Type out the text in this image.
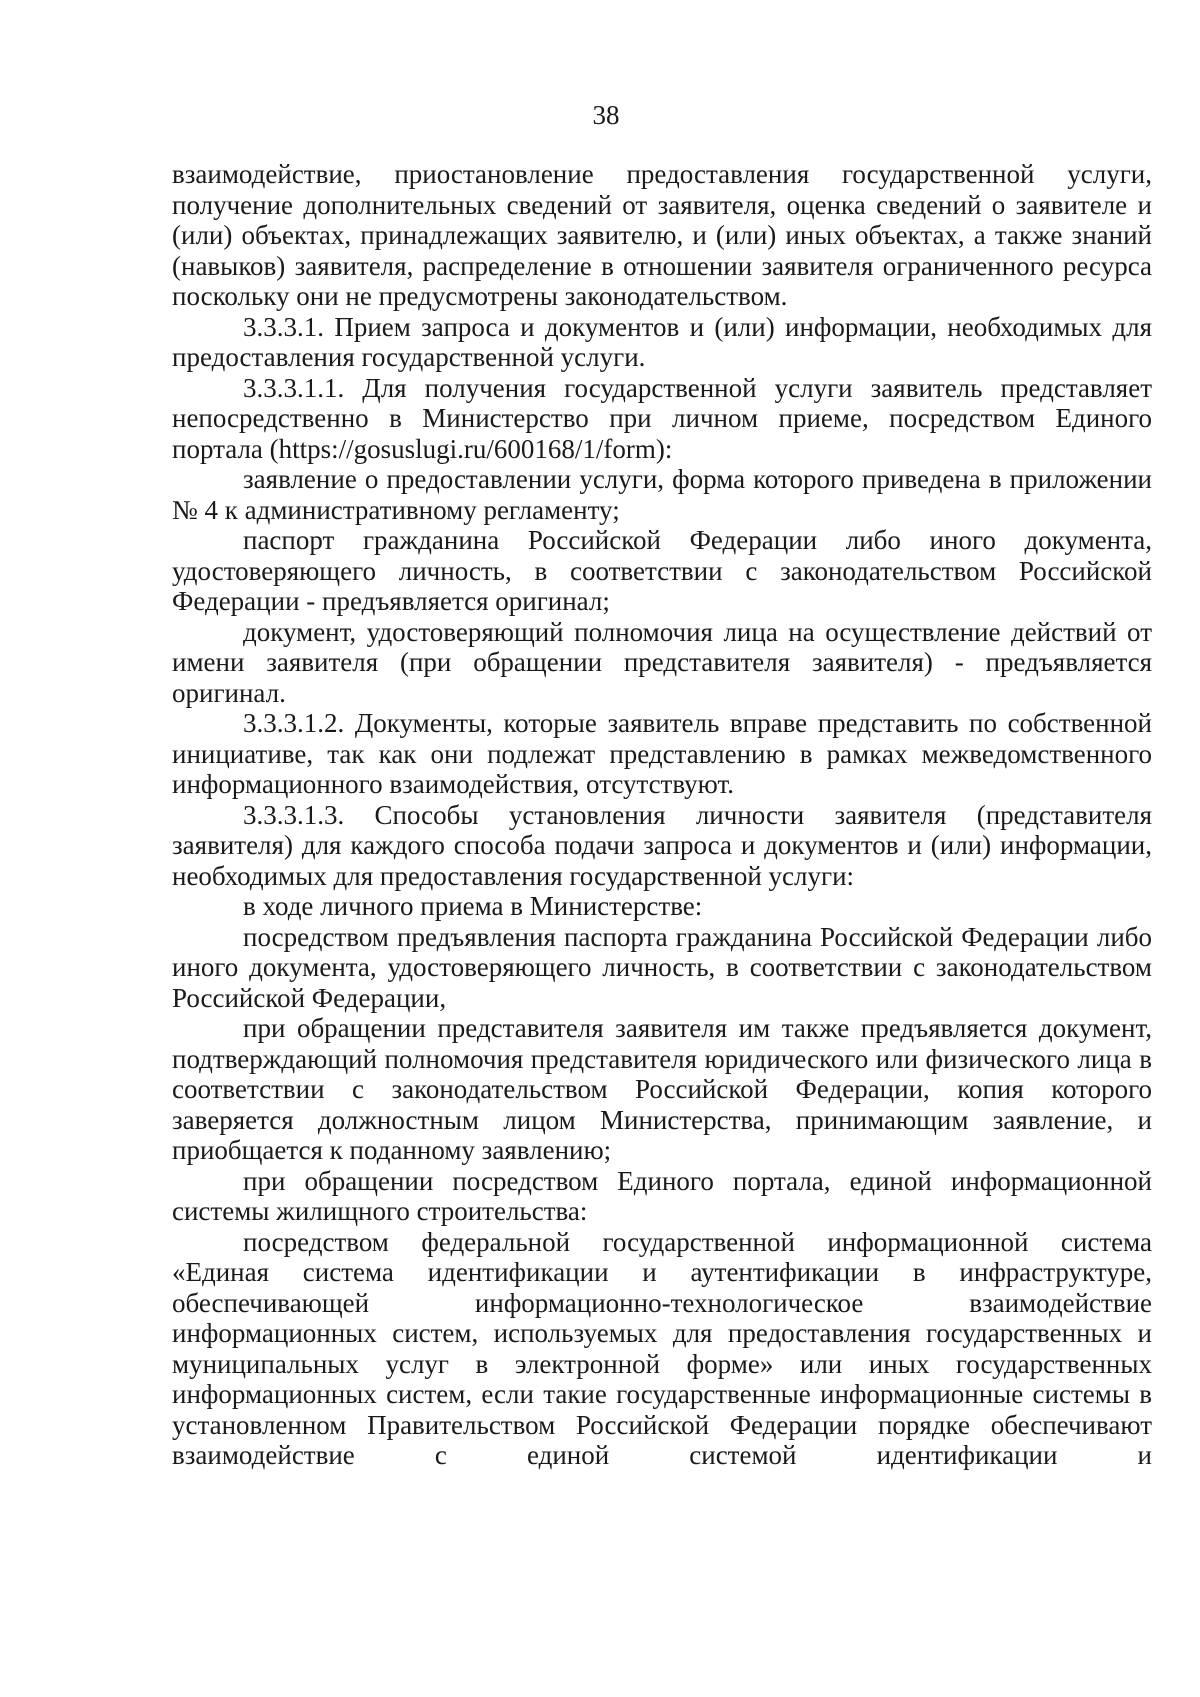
38

взаимодействие, приостановление предоставления государственной услуги, получение дополнительных сведений от заявителя, оценка сведений о заявителе и (или) объектах, принадлежащих заявителю, и (или) иных объектах, а также знаний (навыков) заявителя, распределение в отношении заявителя ограниченного ресурса поскольку они не предусмотрены законодательством.

3.3.3.1. Прием запроса и документов и (или) информации, необходимых для предоставления государственной услуги.

3.3.3.1.1. Для получения государственной услуги заявитель представляет непосредственно в Министерство при личном приеме, посредством Единого портала (https://gosuslugi.ru/600168/1/form):

заявление о предоставлении услуги, форма которого приведена в приложении № 4 к административному регламенту;

паспорт гражданина Российской Федерации либо иного документа, удостоверяющего личность, в соответствии с законодательством Российской Федерации - предъявляется оригинал;

документ, удостоверяющий полномочия лица на осуществление действий от имени заявителя (при обращении представителя заявителя) - предъявляется оригинал.

3.3.3.1.2. Документы, которые заявитель вправе представить по собственной инициативе, так как они подлежат представлению в рамках межведомственного информационного взаимодействия, отсутствуют.

3.3.3.1.3. Способы установления личности заявителя (представителя заявителя) для каждого способа подачи запроса и документов и (или) информации, необходимых для предоставления государственной услуги:

в ходе личного приема в Министерстве:

посредством предъявления паспорта гражданина Российской Федерации либо иного документа, удостоверяющего личность, в соответствии с законодательством Российской Федерации,

при обращении представителя заявителя им также предъявляется документ, подтверждающий полномочия представителя юридического или физического лица в соответствии с законодательством Российской Федерации, копия которого заверяется должностным лицом Министерства, принимающим заявление, и приобщается к поданному заявлению;

при обращении посредством Единого портала, единой информационной системы жилищного строительства:

посредством федеральной государственной информационной система «Единая система идентификации и аутентификации в инфраструктуре, обеспечивающей информационно-технологическое взаимодействие информационных систем, используемых для предоставления государственных и муниципальных услуг в электронной форме» или иных государственных информационных систем, если такие государственные информационные системы в установленном Правительством Российской Федерации порядке обеспечивают взаимодействие с единой системой идентификации и
